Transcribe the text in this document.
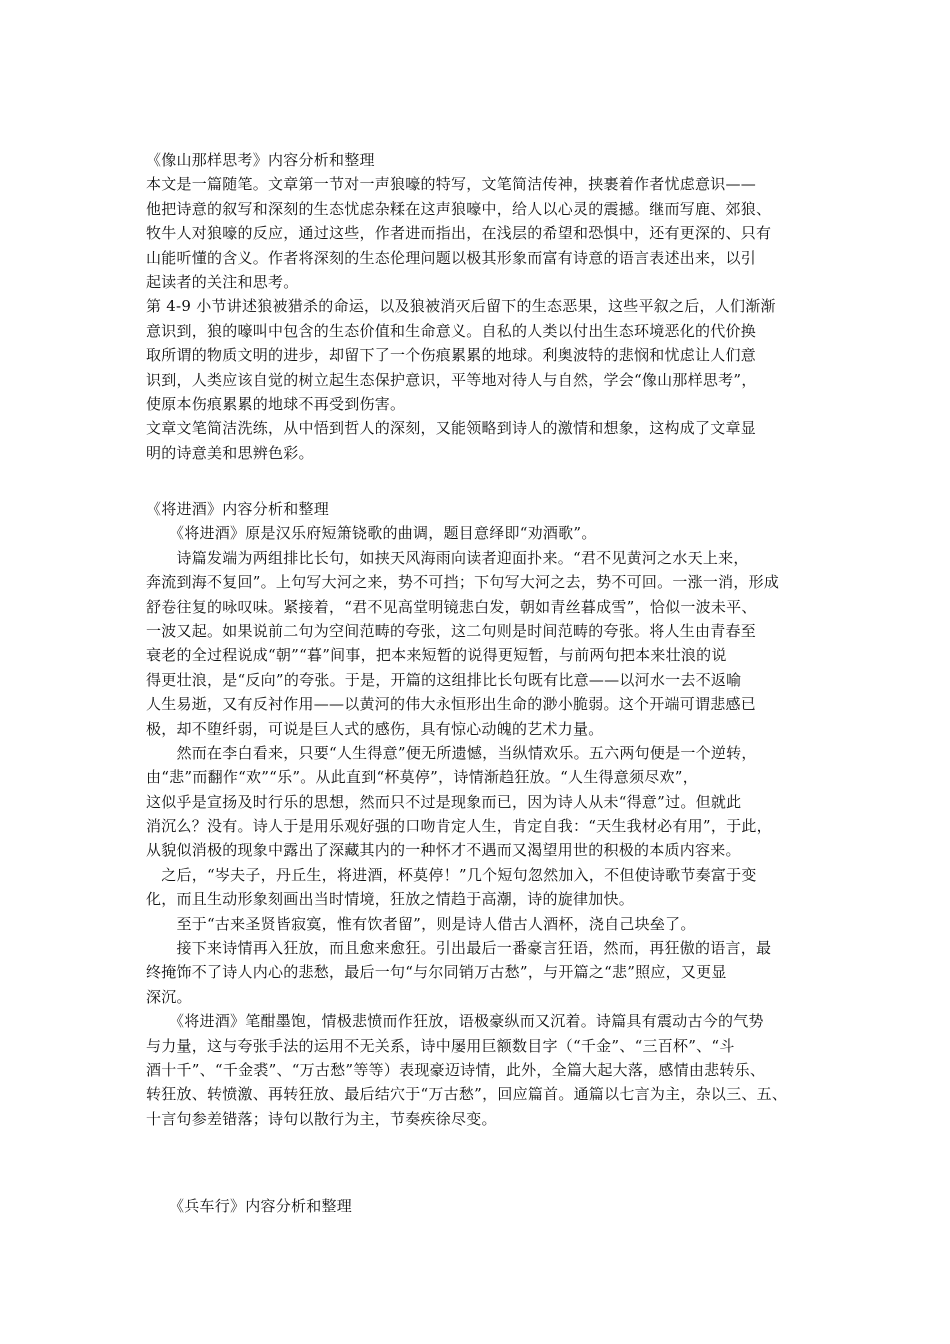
《像山那样思考》内容分析和整理
本文是一篇随笔。文章第一节对一声狼嚎的特写，文笔简洁传神，挟裹着作者忧虑意识——
他把诗意的叙写和深刻的生态忧虑杂糅在这声狼嚎中，给人以心灵的震撼。继而写鹿、郊狼、
牧牛人对狼嚎的反应，通过这些，作者进而指出，在浅层的希望和恐惧中，还有更深的、只有
山能听懂的含义。作者将深刻的生态伦理问题以极其形象而富有诗意的语言表述出来，以引
起读者的关注和思考。
第 4-9 小节讲述狼被猎杀的命运，以及狼被消灭后留下的生态恶果，这些平叙之后，人们渐渐
意识到，狼的嚎叫中包含的生态价值和生命意义。自私的人类以付出生态环境恶化的代价换
取所谓的物质文明的进步，却留下了一个伤痕累累的地球。利奥波特的悲悯和忧虑让人们意
识到，人类应该自觉的树立起生态保护意识，平等地对待人与自然，学会“像山那样思考”，
使原本伤痕累累的地球不再受到伤害。
文章文笔简洁洗练，从中悟到哲人的深刻，又能领略到诗人的激情和想象，这构成了文章显
明的诗意美和思辨色彩。
《将进酒》内容分析和整理
　　《将进酒》原是汉乐府短箫铙歌的曲调，题目意绎即“劝酒歌”。
　　诗篇发端为两组排比长句，如挟天风海雨向读者迎面扑来。“君不见黄河之水天上来，
奔流到海不复回”。上句写大河之来，势不可挡；下句写大河之去，势不可回。一涨一消，形成
舒卷往复的咏叹味。紧接着，“君不见高堂明镜悲白发，朝如青丝暮成雪”，恰似一波未平、
一波又起。如果说前二句为空间范畴的夸张，这二句则是时间范畴的夸张。将人生由青春至
衰老的全过程说成“朝”“暮”间事，把本来短暂的说得更短暂，与前两句把本来壮浪的说
得更壮浪，是“反向”的夸张。于是，开篇的这组排比长句既有比意——以河水一去不返喻
人生易逝，又有反衬作用——以黄河的伟大永恒形出生命的渺小脆弱。这个开端可谓悲感已
极，却不堕纤弱，可说是巨人式的感伤，具有惊心动魄的艺术力量。
　　然而在李白看来，只要“人生得意”便无所遗憾，当纵情欢乐。五六两句便是一个逆转，
由“悲”而翻作“欢”“乐”。从此直到“杯莫停”，诗情渐趋狂放。“人生得意须尽欢”，
这似乎是宣扬及时行乐的思想，然而只不过是现象而已，因为诗人从未“得意”过。但就此
消沉么？没有。诗人于是用乐观好强的口吻肯定人生，肯定自我：“天生我材必有用”，于此，
从貌似消极的现象中露出了深藏其内的一种怀才不遇而又渴望用世的积极的本质内容来。
　之后，“岑夫子，丹丘生，将进酒，杯莫停！”几个短句忽然加入，不但使诗歌节奏富于变
化，而且生动形象刻画出当时情境，狂放之情趋于高潮，诗的旋律加快。
　　至于“古来圣贤皆寂寞，惟有饮者留”，则是诗人借古人酒杯，浇自己块垒了。
　　接下来诗情再入狂放，而且愈来愈狂。引出最后一番豪言狂语，然而，再狂傲的语言，最
终掩饰不了诗人内心的悲愁，最后一句“与尔同销万古愁”，与开篇之“悲”照应，又更显
深沉。
　　《将进酒》笔酣墨饱，情极悲愤而作狂放，语极豪纵而又沉着。诗篇具有震动古今的气势
与力量，这与夸张手法的运用不无关系，诗中屡用巨额数目字（“千金”、“三百杯”、“斗
酒十千”、“千金裘”、“万古愁”等等）表现豪迈诗情，此外，全篇大起大落，感情由悲转乐、
转狂放、转愤激、再转狂放、最后结穴于“万古愁”，回应篇首。通篇以七言为主，杂以三、五、
十言句参差错落；诗句以散行为主，节奏疾徐尽变。
　　《兵车行》内容分析和整理
